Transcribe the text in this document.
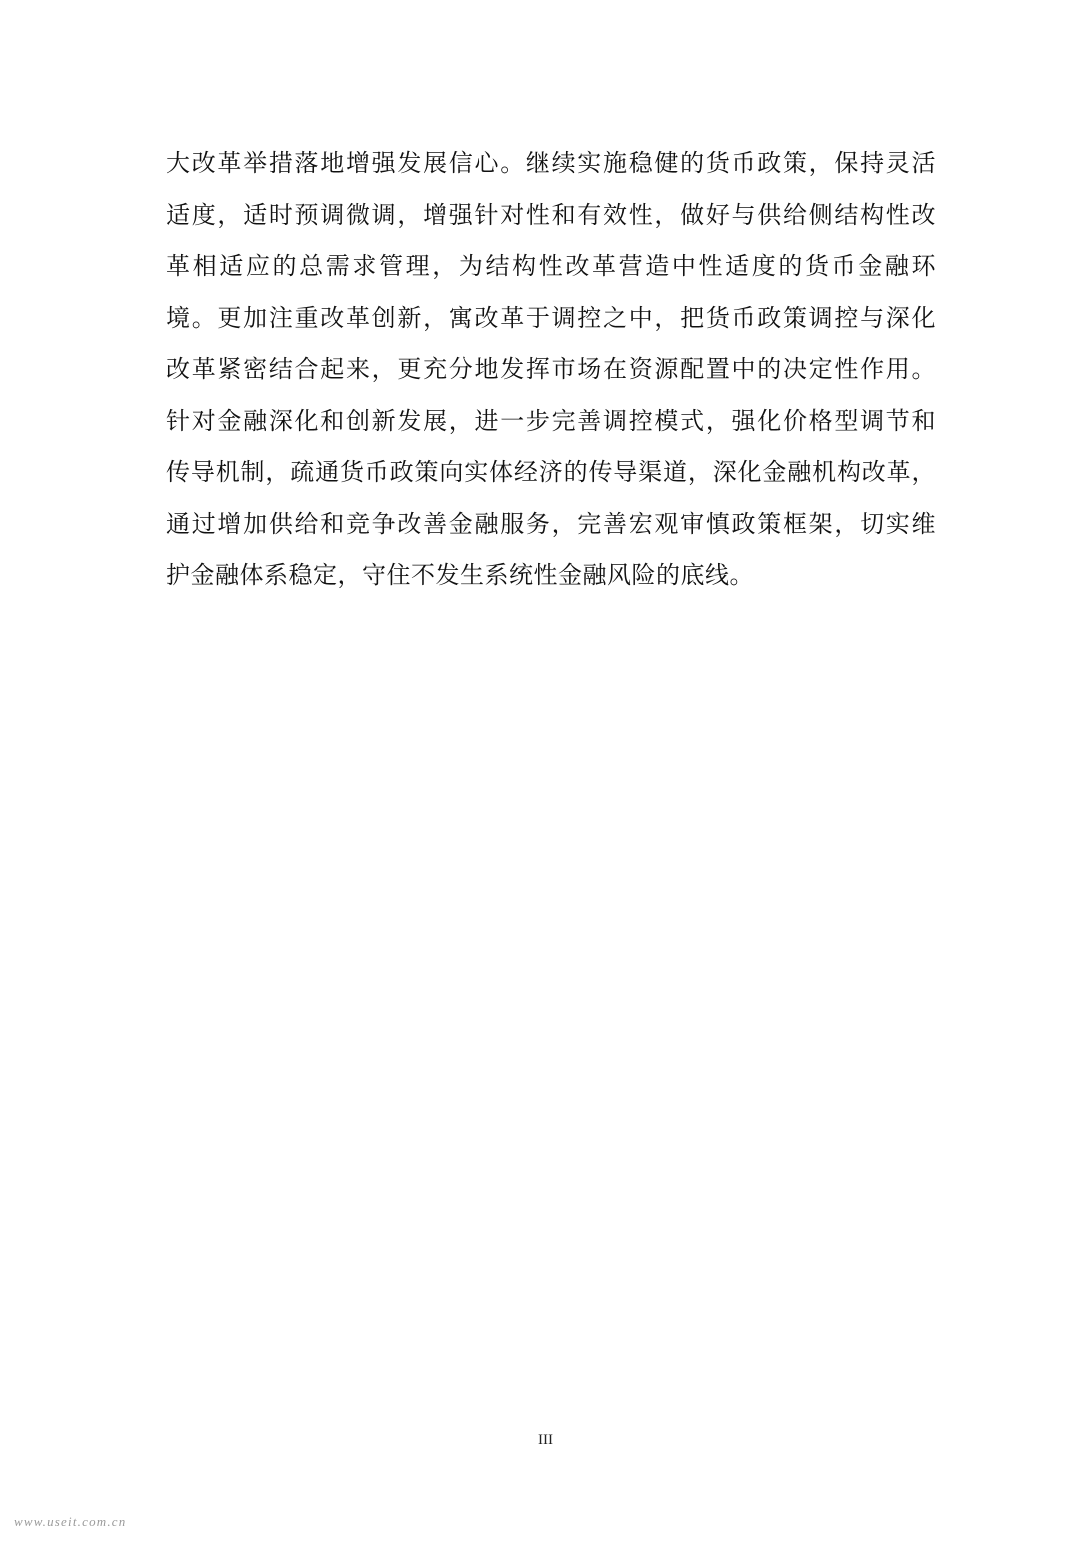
大改革举措落地增强发展信心。继续实施稳健的货币政策，保持灵活
适度，适时预调微调，增强针对性和有效性，做好与供给侧结构性改
革相适应的总需求管理，为结构性改革营造中性适度的货币金融环
境。更加注重改革创新，寓改革于调控之中，把货币政策调控与深化
改革紧密结合起来，更充分地发挥市场在资源配置中的决定性作用。
针对金融深化和创新发展，进一步完善调控模式，强化价格型调节和
传导机制，疏通货币政策向实体经济的传导渠道，深化金融机构改革，
通过增加供给和竞争改善金融服务，完善宏观审慎政策框架，切实维
护金融体系稳定，守住不发生系统性金融风险的底线。
III
www.useit.com.cn
